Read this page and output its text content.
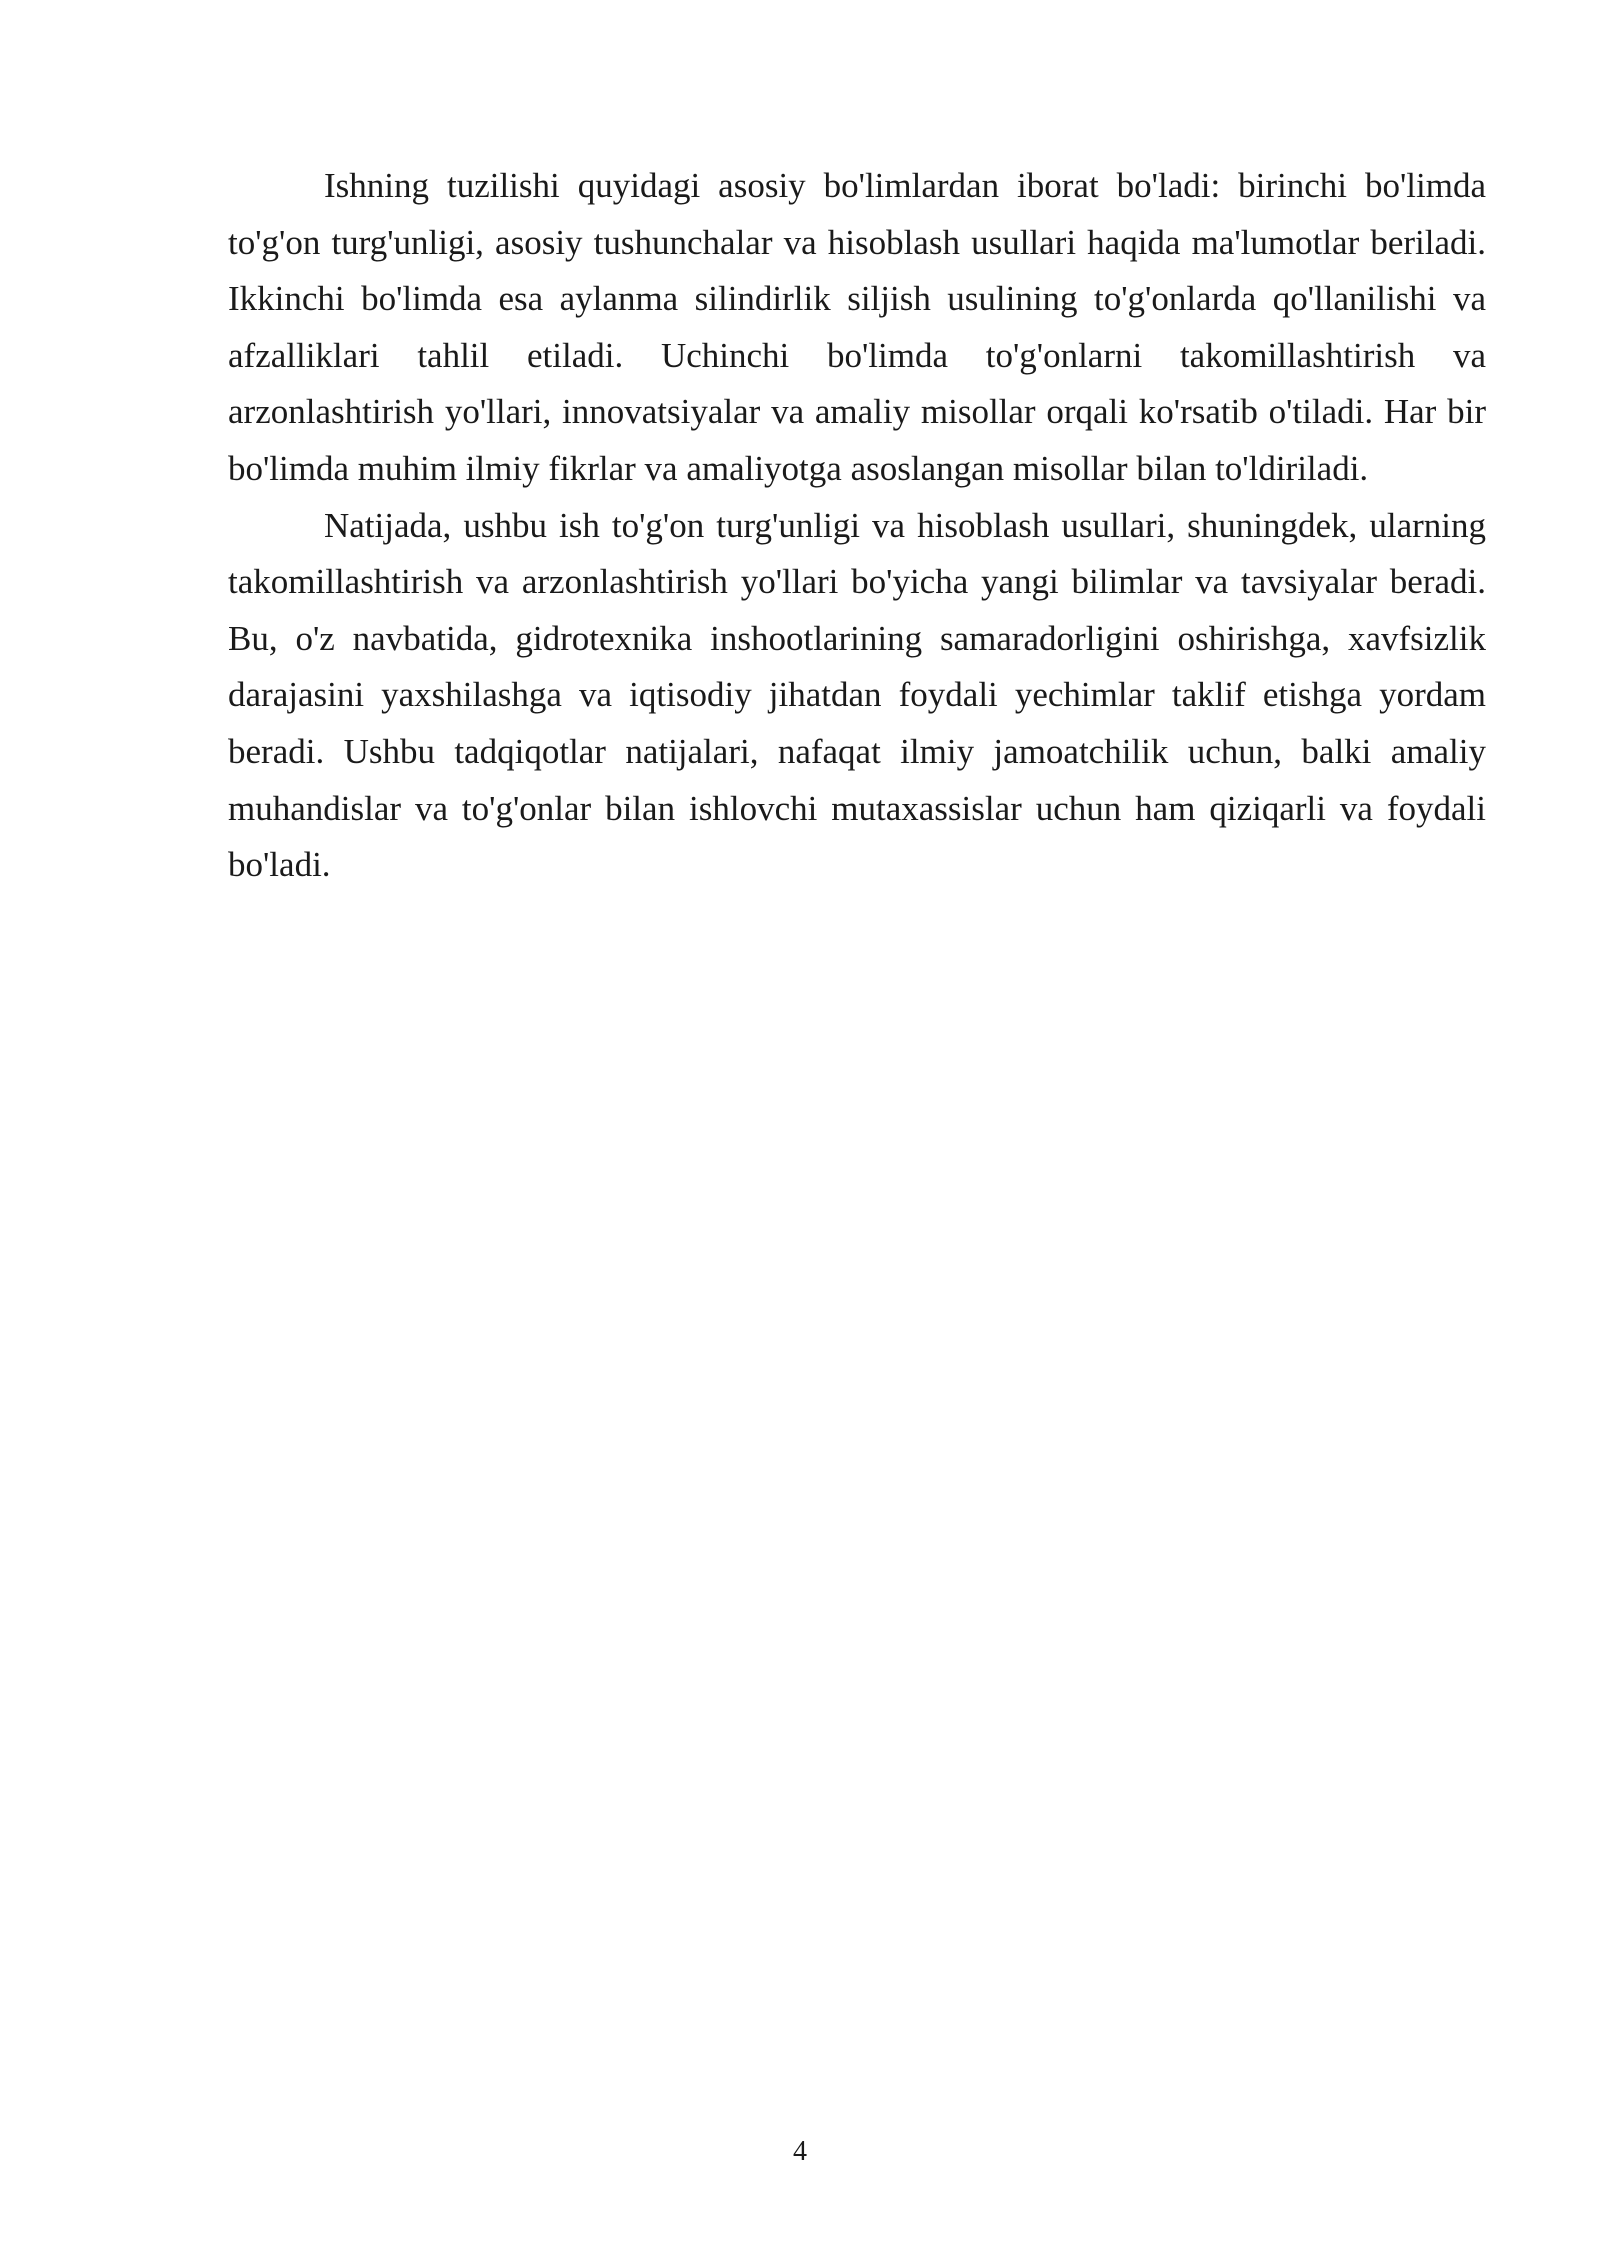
Ishning tuzilishi quyidagi asosiy bo'limlardan iborat bo'ladi: birinchi bo'limda to'g'on turg'unligi, asosiy tushunchalar va hisoblash usullari haqida ma'lumotlar beriladi. Ikkinchi bo'limda esa aylanma silindirlik siljish usulining to'g'onlarda qo'llanilishi va afzalliklari tahlil etiladi. Uchinchi bo'limda to'g'onlarni takomillashtirish va arzonlashtirish yo'llari, innovatsiyalar va amaliy misollar orqali ko'rsatib o'tiladi. Har bir bo'limda muhim ilmiy fikrlar va amaliyotga asoslangan misollar bilan to'ldiriladi.

Natijada, ushbu ish to'g'on turg'unligi va hisoblash usullari, shuningdek, ularning takomillashtirish va arzonlashtirish yo'llari bo'yicha yangi bilimlar va tavsiyalar beradi. Bu, o'z navbatida, gidrotexnika inshootlarining samaradorligini oshirishga, xavfsizlik darajasini yaxshilashga va iqtisodiy jihatdan foydali yechimlar taklif etishga yordam beradi. Ushbu tadqiqotlar natijalari, nafaqat ilmiy jamoatchilik uchun, balki amaliy muhandislar va to'g'onlar bilan ishlovchi mutaxassislar uchun ham qiziqarli va foydali bo'ladi.

4
